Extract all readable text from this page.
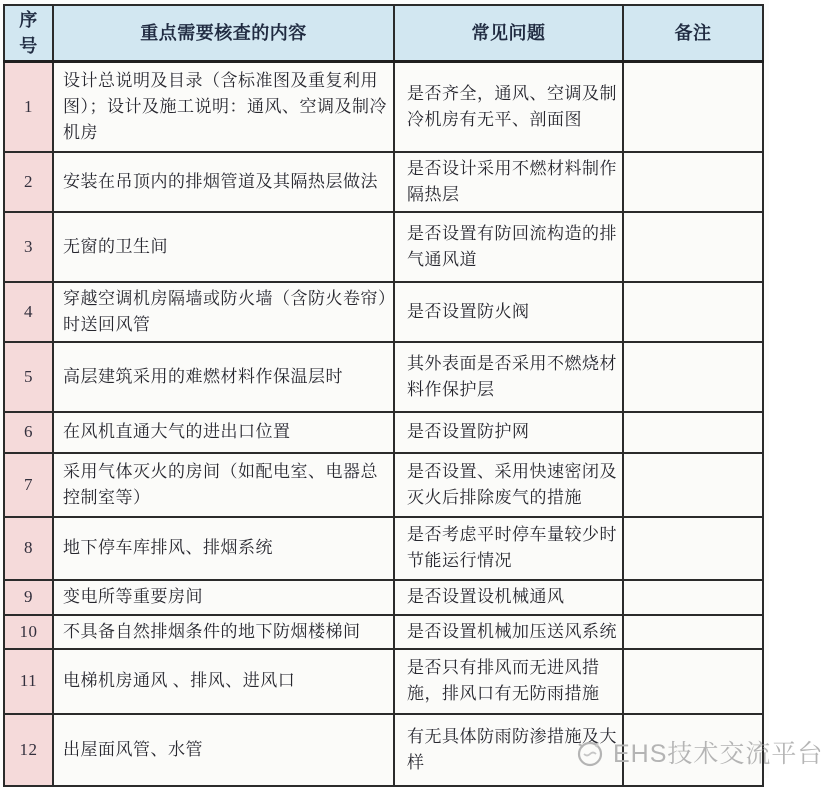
序号	重点需要核查的内容	常见问题	备注
1	设计总说明及目录（含标准图及重复利用图）；设计及施工说明：通风、空调及制冷机房	是否齐全，通风、空调及制冷机房有无平、剖面图	
2	安装在吊顶内的排烟管道及其隔热层做法	是否设计采用不燃材料制作隔热层	
3	无窗的卫生间	是否设置有防回流构造的排气通风道	
4	穿越空调机房隔墙或防火墙（含防火卷帘）时送回风管	是否设置防火阀	
5	高层建筑采用的难燃材料作保温层时	其外表面是否采用不燃烧材料作保护层	
6	在风机直通大气的进出口位置	是否设置防护网	
7	采用气体灭火的房间（如配电室、电器总控制室等）	是否设置、采用快速密闭及灭火后排除废气的措施	
8	地下停车库排风、排烟系统	是否考虑平时停车量较少时节能运行情况	
9	变电所等重要房间	是否设置设机械通风	
10	不具备自然排烟条件的地下防烟楼梯间	是否设置机械加压送风系统	
11	电梯机房通风 、排风、进风口	是否只有排风而无进风措施，排风口有无防雨措施	
12	出屋面风管、水管	有无具体防雨防渗措施及大样		EHS技术交流平台
